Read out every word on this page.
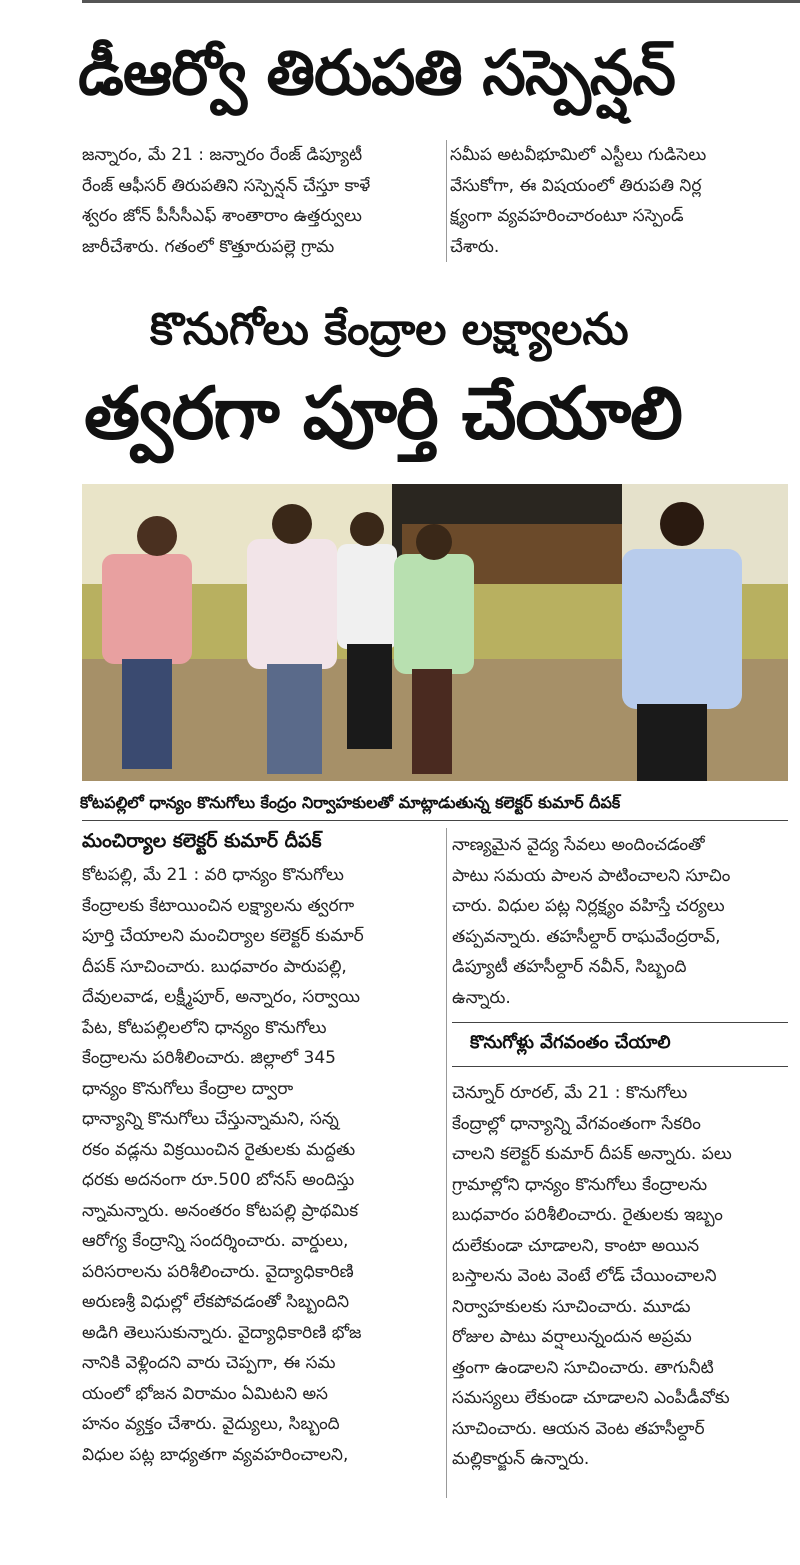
డీఆర్వో తిరుపతి సస్పెన్షన్

జన్నారం, మే 21 : జన్నారం రేంజ్ డిప్యూటీ

రేంజ్ ఆఫీసర్ తిరుపతిని సస్పెన్షన్ చేస్తూ కాళే

శ్వరం జోన్ పీసీసీఎఫ్ శాంతారాం ఉత్తర్వులు

జారీచేశారు. గతంలో కొత్తూరుపల్లె గ్రామ

సమీప అటవీభూమిలో ఎస్టీలు గుడిసెలు

వేసుకోగా, ఈ విషయంలో తిరుపతి నిర్ల

క్ష్యంగా వ్యవహరించారంటూ సస్పెండ్

చేశారు.

కొనుగోలు కేంద్రాల లక్ష్యాలను
త్వరగా పూర్తి చేయాలి
కోటపల్లిలో ధాన్యం కొనుగోలు కేంద్రం నిర్వాహకులతో మాట్లాడుతున్న కలెక్టర్ కుమార్ దీపక్
మంచిర్యాల కలెక్టర్ కుమార్ దీపక్

కోటపల్లి, మే 21 : వరి ధాన్యం కొనుగోలు

కేంద్రాలకు కేటాయించిన లక్ష్యాలను త్వరగా

పూర్తి చేయాలని మంచిర్యాల కలెక్టర్ కుమార్

దీపక్ సూచించారు. బుధవారం పారుపల్లి,

దేవులవాడ, లక్ష్మీపూర్, అన్నారం, సర్వాయి

పేట, కోటపల్లిలలోని ధాన్యం కొనుగోలు

కేంద్రాలను పరిశీలించారు. జిల్లాలో 345

ధాన్యం కొనుగోలు కేంద్రాల ద్వారా

ధాన్యాన్ని కొనుగోలు చేస్తున్నామని, సన్న

రకం వడ్లను విక్రయించిన రైతులకు మద్దతు

ధరకు అదనంగా రూ.500 బోనస్ అందిస్తు

న్నామన్నారు. అనంతరం కోటపల్లి ప్రాథమిక

ఆరోగ్య కేంద్రాన్ని సందర్శించారు. వార్డులు,

పరిసరాలను పరిశీలించారు. వైద్యాధికారిణి

అరుణశ్రీ విధుల్లో లేకపోవడంతో సిబ్బందిని

అడిగి తెలుసుకున్నారు. వైద్యాధికారిణి భోజ

నానికి వెళ్లిందని వారు చెప్పగా, ఈ సమ

యంలో భోజన విరామం ఏమిటని అస

హనం వ్యక్తం చేశారు. వైద్యులు, సిబ్బంది

విధుల పట్ల బాధ్యతగా వ్యవహరించాలని,

నాణ్యమైన వైద్య సేవలు అందించడంతో

పాటు సమయ పాలన పాటించాలని సూచిం

చారు. విధుల పట్ల నిర్లక్ష్యం వహిస్తే చర్యలు

తప్పవన్నారు. తహసీల్దార్ రాఘవేంద్రరావ్,

డిప్యూటీ తహసీల్దార్ నవీన్, సిబ్బంది

ఉన్నారు.

కొనుగోళ్లు వేగవంతం చేయాలి

చెన్నూర్ రూరల్, మే 21 : కొనుగోలు

కేంద్రాల్లో ధాన్యాన్ని వేగవంతంగా సేకరిం

చాలని కలెక్టర్ కుమార్ దీపక్ అన్నారు. పలు

గ్రామాల్లోని ధాన్యం కొనుగోలు కేంద్రాలను

బుధవారం పరిశీలించారు. రైతులకు ఇబ్బం

దులేకుండా చూడాలని, కాంటా అయిన

బస్తాలను వెంట వెంటే లోడ్ చేయించాలని

నిర్వాహకులకు సూచించారు. మూడు

రోజుల పాటు వర్షాలున్నందున అప్రమ

త్తంగా ఉండాలని సూచించారు. తాగునీటి

సమస్యలు లేకుండా చూడాలని ఎంపీడీవోకు

సూచించారు. ఆయన వెంట తహసీల్దార్

మల్లికార్జున్ ఉన్నారు.
